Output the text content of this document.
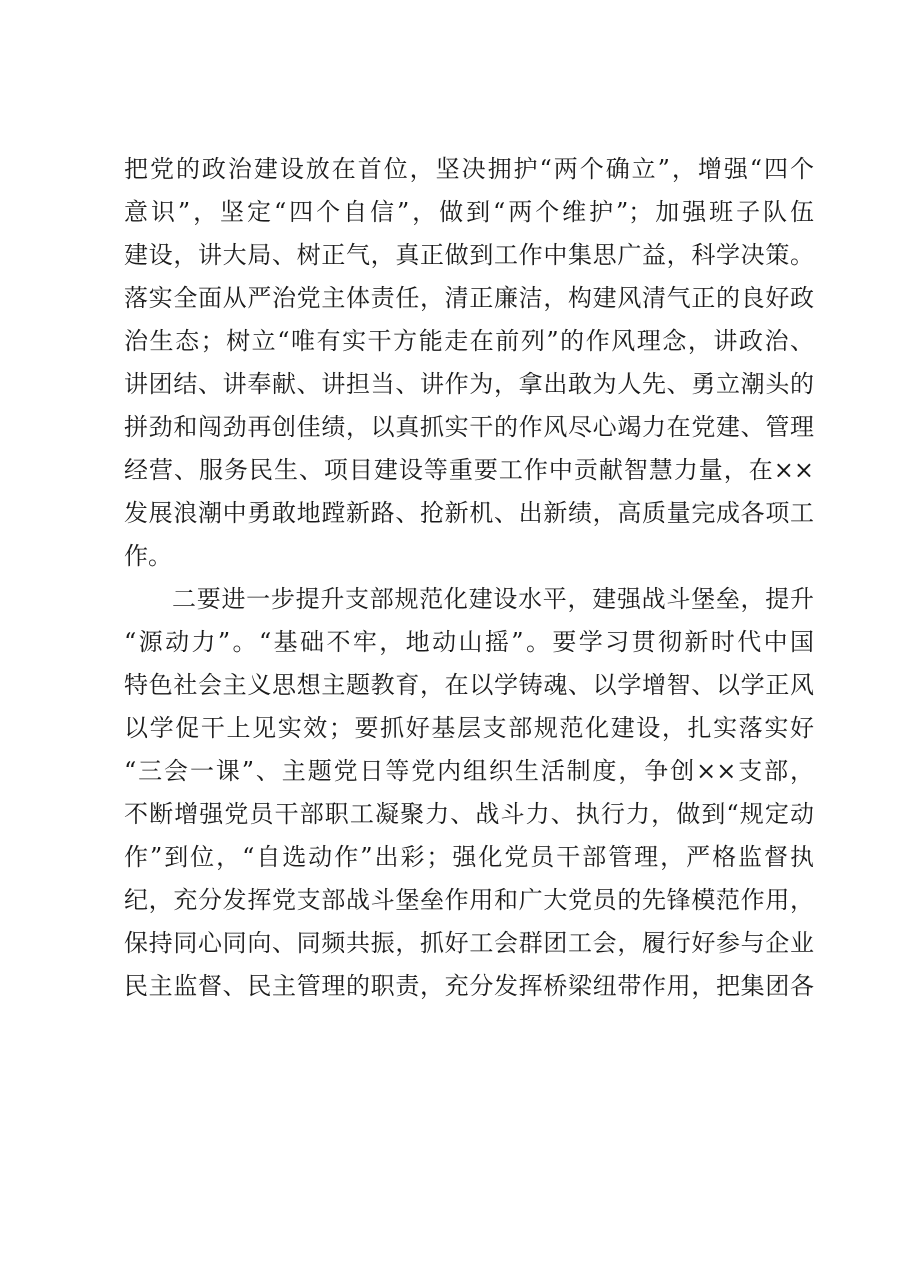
把党的政治建设放在首位，坚决拥护“两个确立”，增强“四个
意识”，坚定“四个自信”，做到“两个维护”；加强班子队伍
建设，讲大局、树正气，真正做到工作中集思广益，科学决策。
落实全面从严治党主体责任，清正廉洁，构建风清气正的良好政
治生态；树立“唯有实干方能走在前列”的作风理念，讲政治、
讲团结、讲奉献、讲担当、讲作为，拿出敢为人先、勇立潮头的
拼劲和闯劲再创佳绩，以真抓实干的作风尽心竭力在党建、管理
经营、服务民生、项目建设等重要工作中贡献智慧力量，在××
发展浪潮中勇敢地蹚新路、抢新机、出新绩，高质量完成各项工
作。
二要进一步提升支部规范化建设水平，建强战斗堡垒，提升
“源动力”。“基础不牢，地动山摇”。要学习贯彻新时代中国
特色社会主义思想主题教育，在以学铸魂、以学增智、以学正风
以学促干上见实效；要抓好基层支部规范化建设，扎实落实好
“三会一课”、主题党日等党内组织生活制度，争创××支部，
不断增强党员干部职工凝聚力、战斗力、执行力，做到“规定动
作”到位，“自选动作”出彩；强化党员干部管理，严格监督执
纪，充分发挥党支部战斗堡垒作用和广大党员的先锋模范作用，
保持同心同向、同频共振，抓好工会群团工会，履行好参与企业
民主监督、民主管理的职责，充分发挥桥梁纽带作用，把集团各
